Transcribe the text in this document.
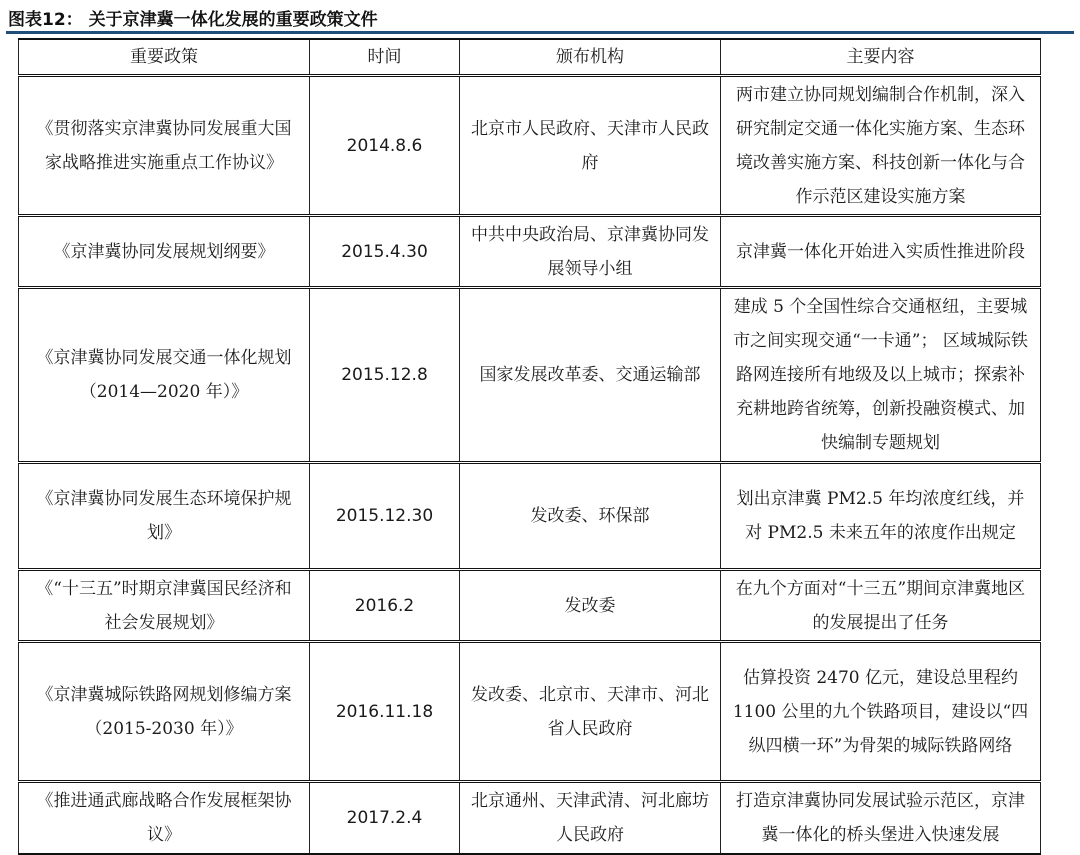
图表12： 关于京津冀一体化发展的重要政策文件
重要政策	时间	颁布机构	主要内容
《贯彻落实京津冀协同发展重大国家战略推进实施重点工作协议》	2014.8.6	北京市人民政府、天津市人民政府	两市建立协同规划编制合作机制，深入研究制定交通一体化实施方案、生态环境改善实施方案、科技创新一体化与合作示范区建设实施方案
《京津冀协同发展规划纲要》	2015.4.30	中共中央政治局、京津冀协同发展领导小组	京津冀一体化开始进入实质性推进阶段
《京津冀协同发展交通一体化规划（2014—2020 年）》	2015.12.8	国家发展改革委、交通运输部	建成 5 个全国性综合交通枢纽，主要城市之间实现交通“一卡通”； 区域城际铁路网连接所有地级及以上城市；探索补充耕地跨省统筹，创新投融资模式、加快编制专题规划
《京津冀协同发展生态环境保护规划》	2015.12.30	发改委、环保部	划出京津冀 PM2.5 年均浓度红线，并对 PM2.5 未来五年的浓度作出规定
《“十三五”时期京津冀国民经济和社会发展规划》	2016.2	发改委	在九个方面对“十三五”期间京津冀地区的发展提出了任务
《京津冀城际铁路网规划修编方案（2015-2030 年）》	2016.11.18	发改委、北京市、天津市、河北省人民政府	估算投资 2470 亿元，建设总里程约 1100 公里的九个铁路项目，建设以“四纵四横一环”为骨架的城际铁路网络
《推进通武廊战略合作发展框架协议》	2017.2.4	北京通州、天津武清、河北廊坊人民政府	打造京津冀协同发展试验示范区，京津冀一体化的桥头堡进入快速发展
